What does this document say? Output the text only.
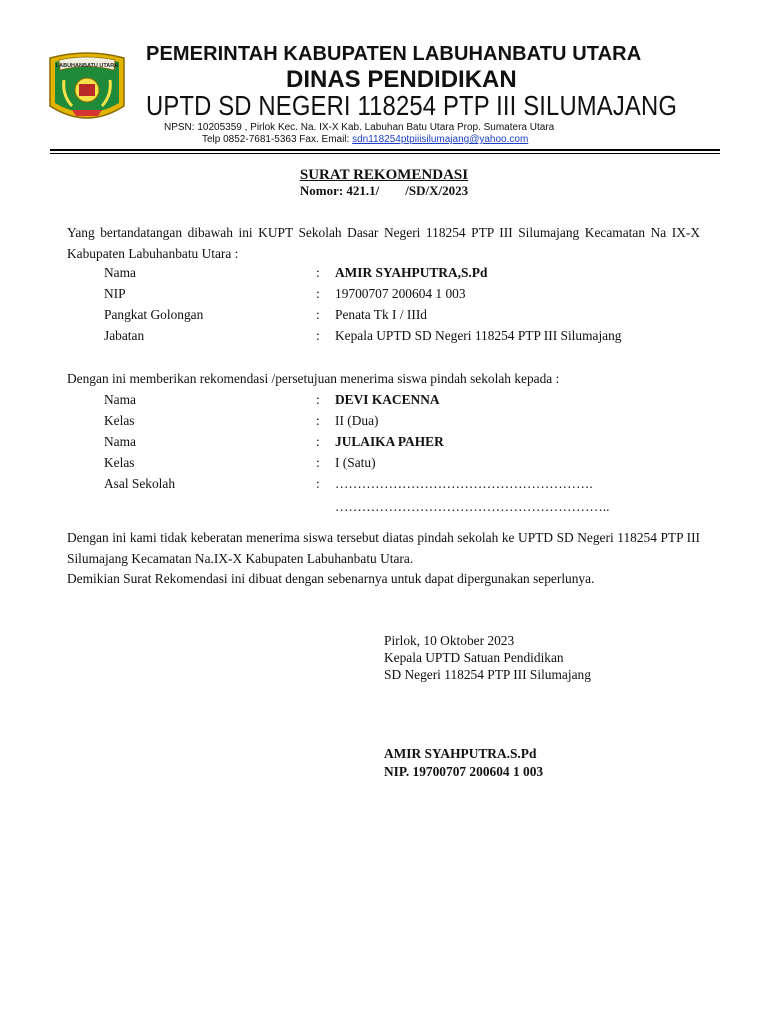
LABUHANBATU UTARA
PEMERINTAH KABUPATEN LABUHANBATU UTARA
DINAS PENDIDIKAN
UPTD SD NEGERI 118254 PTP III SILUMAJANG
NPSN: 10205359 , Pirlok Kec. Na. IX-X Kab. Labuhan Batu Utara Prop. Sumatera Utara
Telp 0852-7681-5363 Fax. Email: sdn118254ptpiiisilumajang@yahoo.com
SURAT REKOMENDASI
Nomor: 421.1/        /SD/X/2023
Yang bertandatangan dibawah ini KUPT Sekolah Dasar Negeri 118254 PTP III Silumajang Kecamatan Na IX-X Kabupaten Labuhanbatu Utara :
Nama	: AMIR SYAHPUTRA,S.Pd
NIP	: 19700707 200604 1 003
Pangkat Golongan	: Penata Tk I / IIId
Jabatan	: Kepala UPTD SD Negeri 118254 PTP III Silumajang
Dengan ini memberikan rekomendasi /persetujuan menerima siswa pindah sekolah kepada :
Nama	: DEVI KACENNA
Kelas	: II (Dua)
Nama	: JULAIKA PAHER
Kelas	: I (Satu)
Asal Sekolah	: ………………………………………………….
……………………………………………………..
Dengan ini kami tidak keberatan menerima siswa tersebut diatas pindah sekolah ke UPTD SD Negeri 118254 PTP III Silumajang Kecamatan Na.IX-X Kabupaten Labuhanbatu Utara.
Demikian Surat Rekomendasi ini dibuat dengan sebenarnya untuk dapat dipergunakan seperlunya.
Pirlok, 10 Oktober 2023
Kepala UPTD Satuan Pendidikan
SD Negeri 118254 PTP III Silumajang
AMIR SYAHPUTRA.S.Pd
NIP. 19700707 200604 1 003
